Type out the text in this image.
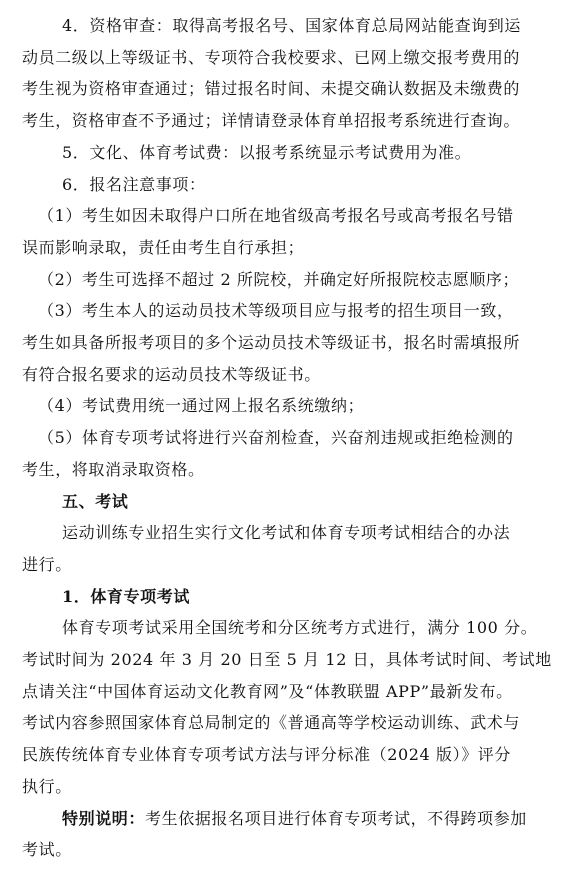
4．资格审查：取得高考报名号、国家体育总局网站能查询到运
动员二级以上等级证书、专项符合我校要求、已网上缴交报考费用的
考生视为资格审查通过；错过报名时间、未提交确认数据及未缴费的
考生，资格审查不予通过；详情请登录体育单招报考系统进行查询。
5．文化、体育考试费：以报考系统显示考试费用为准。
6．报名注意事项：
（1）考生如因未取得户口所在地省级高考报名号或高考报名号错
误而影响录取，责任由考生自行承担；
（2）考生可选择不超过 2 所院校，并确定好所报院校志愿顺序；
（3）考生本人的运动员技术等级项目应与报考的招生项目一致，
考生如具备所报考项目的多个运动员技术等级证书，报名时需填报所
有符合报名要求的运动员技术等级证书。
（4）考试费用统一通过网上报名系统缴纳；
（5）体育专项考试将进行兴奋剂检查，兴奋剂违规或拒绝检测的
考生，将取消录取资格。
五、考试
运动训练专业招生实行文化考试和体育专项考试相结合的办法
进行。
1．体育专项考试
体育专项考试采用全国统考和分区统考方式进行，满分 100 分。
考试时间为 2024 年 3 月 20 日至 5 月 12 日，具体考试时间、考试地
点请关注“中国体育运动文化教育网”及“体教联盟 APP”最新发布。
考试内容参照国家体育总局制定的《普通高等学校运动训练、武术与
民族传统体育专业体育专项考试方法与评分标准（2024 版）》评分
执行。
特别说明：考生依据报名项目进行体育专项考试，不得跨项参加
考试。
